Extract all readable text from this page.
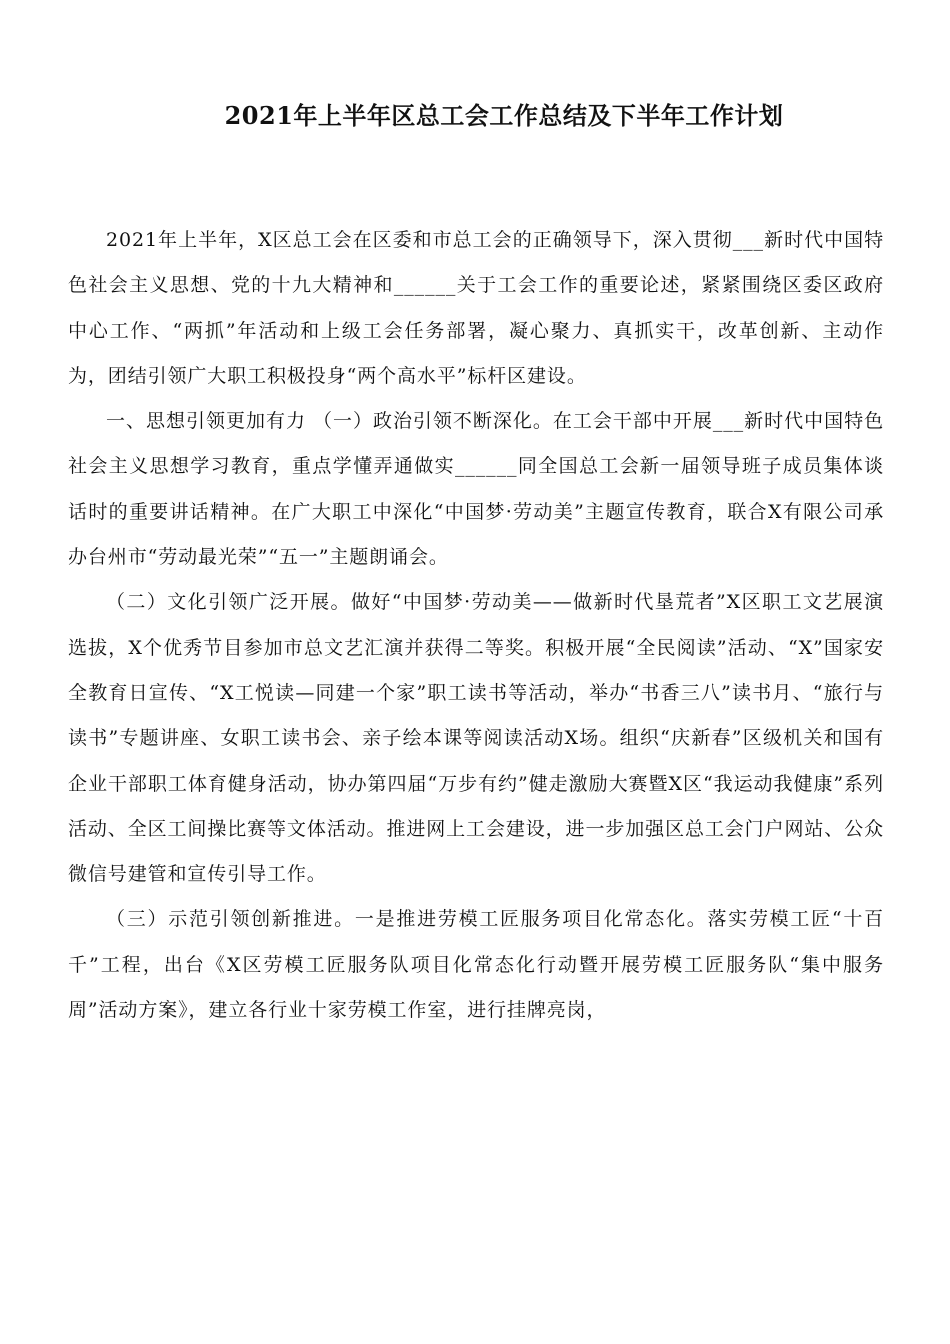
2021年上半年区总工会工作总结及下半年工作计划

2021年上半年，X区总工会在区委和市总工会的正确领导下，深入贯彻___新时代中国特色社会主义思想、党的十九大精神和______关于工会工作的重要论述，紧紧围绕区委区政府中心工作、“两抓”年活动和上级工会任务部署，凝心聚力、真抓实干，改革创新、主动作为，团结引领广大职工积极投身“两个高水平”标杆区建设。

一、思想引领更加有力 （一）政治引领不断深化。在工会干部中开展___新时代中国特色社会主义思想学习教育，重点学懂弄通做实______同全国总工会新一届领导班子成员集体谈话时的重要讲话精神。在广大职工中深化“中国梦·劳动美”主题宣传教育，联合X有限公司承办台州市“劳动最光荣”“五一”主题朗诵会。

（二）文化引领广泛开展。做好“中国梦·劳动美——做新时代垦荒者”X区职工文艺展演选拔，X个优秀节目参加市总文艺汇演并获得二等奖。积极开展“全民阅读”活动、“X”国家安全教育日宣传、“X工悦读—同建一个家”职工读书等活动，举办“书香三八”读书月、“旅行与读书”专题讲座、女职工读书会、亲子绘本课等阅读活动X场。组织“庆新春”区级机关和国有企业干部职工体育健身活动，协办第四届“万步有约”健走激励大赛暨X区“我运动我健康”系列活动、全区工间操比赛等文体活动。推进网上工会建设，进一步加强区总工会门户网站、公众微信号建管和宣传引导工作。

（三）示范引领创新推进。一是推进劳模工匠服务项目化常态化。落实劳模工匠“十百千”工程，出台《X区劳模工匠服务队项目化常态化行动暨开展劳模工匠服务队“集中服务周”活动方案》，建立各行业十家劳模工作室，进行挂牌亮岗，
